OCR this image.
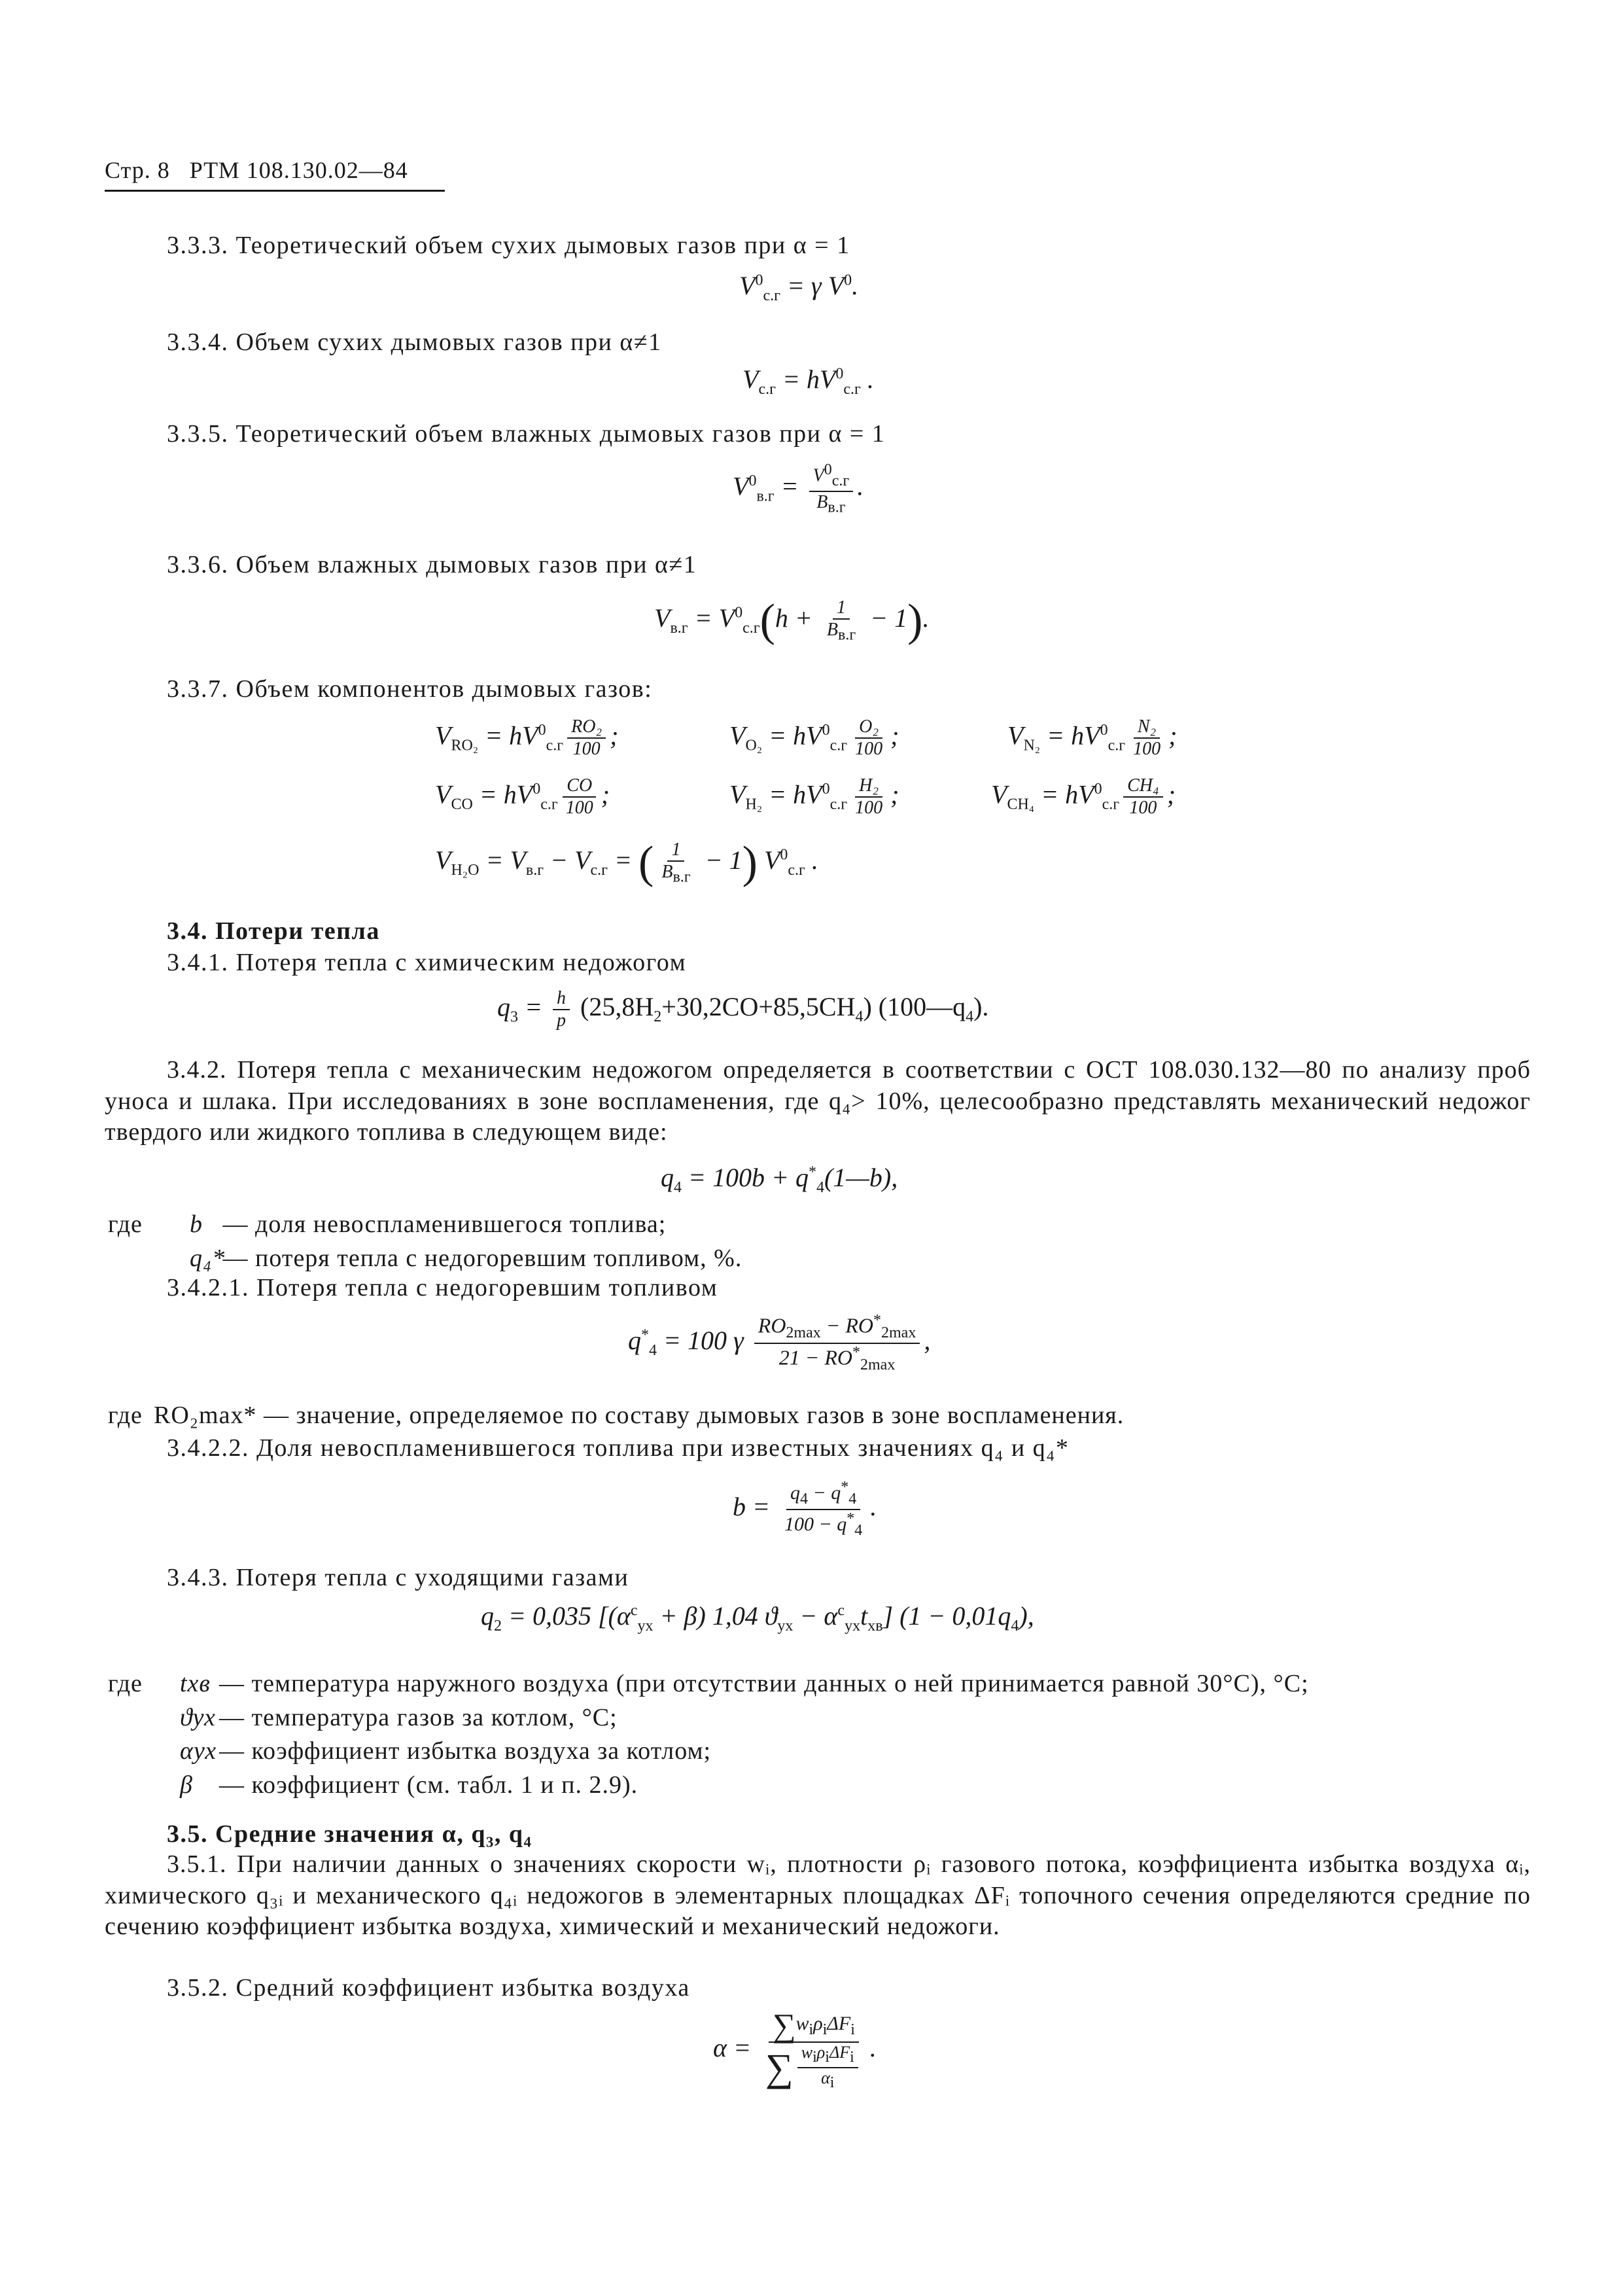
Стр. 8 РТМ 108.130.02—84
3.3.3. Теоретический объем сухих дымовых газов при α = 1
$V^0_{с.г} = \gamma$ $V^0$.
3.3.4. Объем сухих дымовых газов при α≠1
$V_{с.г} = hV^0_{с.г}$ .
3.3.5. Теоретический объем влажных дымовых газов при α = 1
$V^0_{в.г} = \frac{V^0_{с.г}}{B_{в.г}}$ .
3.3.6. Объем влажных дымовых газов при α≠1
$V_{в.г} = V^0_{с.г}(h + \frac{1}{B_{в.г}} - 1)$.
3.3.7. Объем компонентов дымовых газов:
$V_{RO_2} = hV^0_{с.г} \frac{\text{RO₂}}{100}$ ;	$V_{O_2} = hV^0_{с.г} \frac{\text{O₂}}{100}$ ;	$V_{N_2} = hV^0_{с.г} \frac{\text{N₂}}{100}$ ;
$V_{CO} = hV^0_{с.г} \frac{CO}{100}$ ;	$V_{H_2} = hV^0_{с.г} \frac{\text{H₂}}{100}$ ;	$V_{CH_4} = hV^0_{с.г} \frac{\text{CH₄}}{100}$ ;
$V_{H_2O} = V_{в.г} - V_{с.г}$ = ( $\frac{1}{B_{в.г}} - 1$) $V^0_{с.г}$ .
3.4. Потери тепла
3.4.1. Потеря тепла с химическим недожогом
$q_3 = \frac{h}{p} (25,8H_2+30,2CO+85,5CH_4)$ $(100—q_4)$.
3.4.2. Потеря тепла с механическим недожогом определяется в соответствии с ОСТ 108.030.132—80 по анализу проб уноса и шлака. При исследованиях в зоне воспламенения, где q₄> 10%, целесообразно представлять механический недожог твердого или жидкого топлива в следующем виде:
$q_4 = 100b$ + $q^*_4(1—b)$,
где b — доля невоспламенившегося топлива;
q₄* — потеря тепла с недогоревшим топливом, %.
3.4.2.1. Потеря тепла с недогоревшим топливом
$q^*_4 = 100$ γ $\frac{RO_{2max} - RO^*_{2max}}{21 - RO^*_{2max}}$ ,
где RO₂max* — значение, определяемое по составу дымовых газов в зоне воспламенения.
3.4.2.2. Доля невоспламенившегося топлива при известных значениях q₄ и q₄*
$b = \frac{q_4 - q^*_4}{100 - q^*_4}$ .
3.4.3. Потеря тепла с уходящими газами
$q_2 = 0,035$ [$(\alpha^c_{ух} + \beta)$ 1,04 $ϑ_{ух} - \alpha^c_{ух}t_{хв}$] $(1 - 0,01q_4)$,
где tхв — температура наружного воздуха (при отсутствии данных о ней принимается равной 30°С), °С;
ϑух — температура газов за котлом, °С;
αух — коэффициент избытка воздуха за котлом;
β — коэффициент (см. табл. 1 и п. 2.9).
3.5. Средние значения α, q₃, q₄
3.5.1. При наличии данных о значениях скорости wᵢ, плотности ρᵢ газового потока, коэффициента избытка воздуха αᵢ, химического q₃ᵢ и механического q₄ᵢ недожогов в элементарных площадках ΔFᵢ топочного сечения определяются средние по сечению коэффициент избытка воздуха, химический и механический недожоги.
3.5.2. Средний коэффициент избытка воздуха
$\alpha = \frac{\sum w_i\rho_i\Delta F_i}{\sum \frac{w_i\rho_i\Delta F_i}{\alpha_i}}$ .
